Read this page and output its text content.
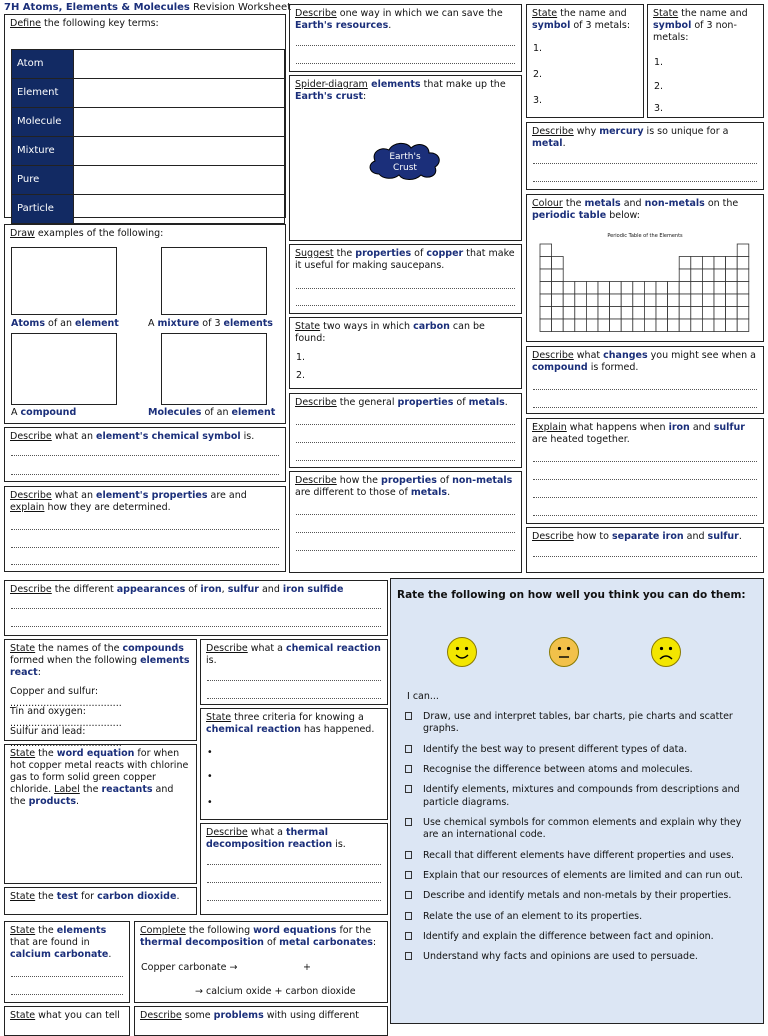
7H Atoms, Elements & Molecules Revision Worksheet
Define the following key terms:
Atom	
Element	
Molecule	
Mixture	
Pure	
Particle	
Draw examples of the following:
Atoms of an element	A mixture of 3 elements
A compound	Molecules of an element
Describe what an element's chemical symbol is.
Describe what an element's properties are and explain how they are determined.
Describe one way in which we can save the Earth's resources.
Spider-diagram elements that make up the Earth's crust:
Earth's
Crust
Suggest the properties of copper that make it useful for making saucepans.
State two ways in which carbon can be found:
1.
2.
Describe the general properties of metals.
Describe how the properties of non-metals are different to those of metals.
State the name and symbol of 3 metals:
1.
2.
3.
State the name and symbol of 3 non-metals:
1.
2.
3.
Describe why mercury is so unique for a metal.
Colour the metals and non-metals on the periodic table below:
Periodic Table of the Elements
Describe what changes you might see when a compound is formed.
Explain what happens when iron and sulfur are heated together.
Describe how to separate iron and sulfur.
Describe the different appearances of iron, sulfur and iron sulfide
State the names of the compounds formed when the following elements react:
Copper and sulfur: .....................................
Tin and oxygen: .....................................
Sulfur and lead: .....................................
Describe what a chemical reaction is.
State three criteria for knowing a chemical reaction has happened.
•
•
•
State the word equation for when hot copper metal reacts with chlorine gas to form solid green copper chloride. Label the reactants and the products.
Describe what a thermal decomposition reaction is.
State the test for carbon dioxide.
State the elements that are found in calcium carbonate.
Complete the following word equations for the thermal decomposition of metal carbonates:
Copper carbonate →	+
→ calcium oxide + carbon dioxide
State what you can tell	Describe some problems with using different
Rate the following on how well you think you can do them:
I can...
Draw, use and interpret tables, bar charts, pie charts and scatter graphs.
Identify the best way to present different types of data.
Recognise the difference between atoms and molecules.
Identify elements, mixtures and compounds from descriptions and particle diagrams.
Use chemical symbols for common elements and explain why they are an international code.
Recall that different elements have different properties and uses.
Explain that our resources of elements are limited and can run out.
Describe and identify metals and non-metals by their properties.
Relate the use of an element to its properties.
Identify and explain the difference between fact and opinion.
Understand why facts and opinions are used to persuade.
